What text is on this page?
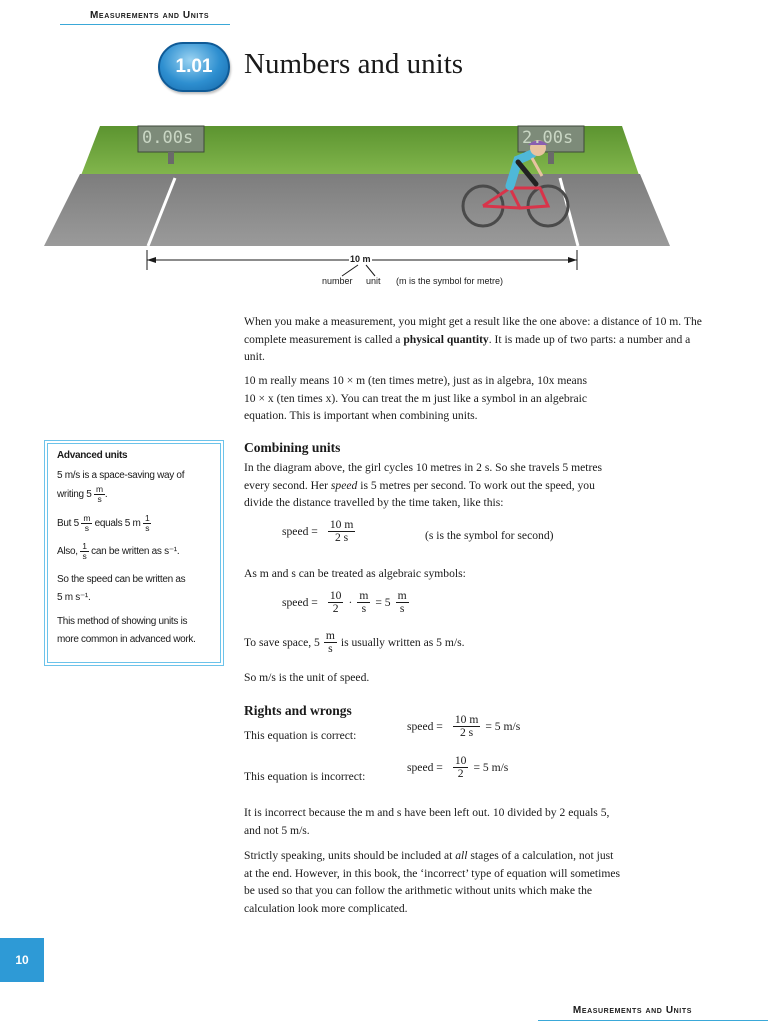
Measurements and Units
1.01	Numbers and units
0.00s	2.00s
10 m
number unit (m is the symbol for metre)

When you make a measurement, you might get a result like the one above: a distance of 10 m. The complete measurement is called a physical quantity. It is made up of two parts: a number and a unit.

10 m really means 10 × m (ten times metre), just as in algebra, 10x means
10 × x (ten times x). You can treat the m just like a symbol in an algebraic
equation. This is important when combining units.
Advanced units
5 m/s is a space-saving way of
writing $5 \frac{m}{s}$ .
But $5 \frac{m}{s}$ equals 5 m $\frac{1}{s}$
Also, $\frac{1}{s}$ can be written as s⁻¹.
So the speed can be written as
5 m s⁻¹.
This method of showing units is
more common in advanced work.
Combining units
In the diagram above, the girl cycles 10 metres in 2 s. So she travels 5 metres
every second. Her speed is 5 metres per second. To work out the speed, you
divide the distance travelled by the time taken, like this:
speed = $\frac{10 m}{2 s}$	(s is the symbol for second)
As m and s can be treated as algebraic symbols:
speed = $\frac{10}{2} \cdot \frac{m}{s} = 5 \frac{m}{s}$
To save space, $5 \frac{m}{s}$ is usually written as 5 m/s.
So m/s is the unit of speed.
Rights and wrongs
This equation is correct:
speed = $\frac{10 m}{2 s} = 5$ m/s
This equation is incorrect:
speed = $\frac{10}{2} = 5$ m/s
It is incorrect because the m and s have been left out. 10 divided by 2 equals 5,
and not 5 m/s.
Strictly speaking, units should be included at all stages of a calculation, not just
at the end. However, in this book, the ‘incorrect’ type of equation will sometimes
be used so that you can follow the arithmetic without units which make the
calculation look more complicated.
10
Measurements and Units
